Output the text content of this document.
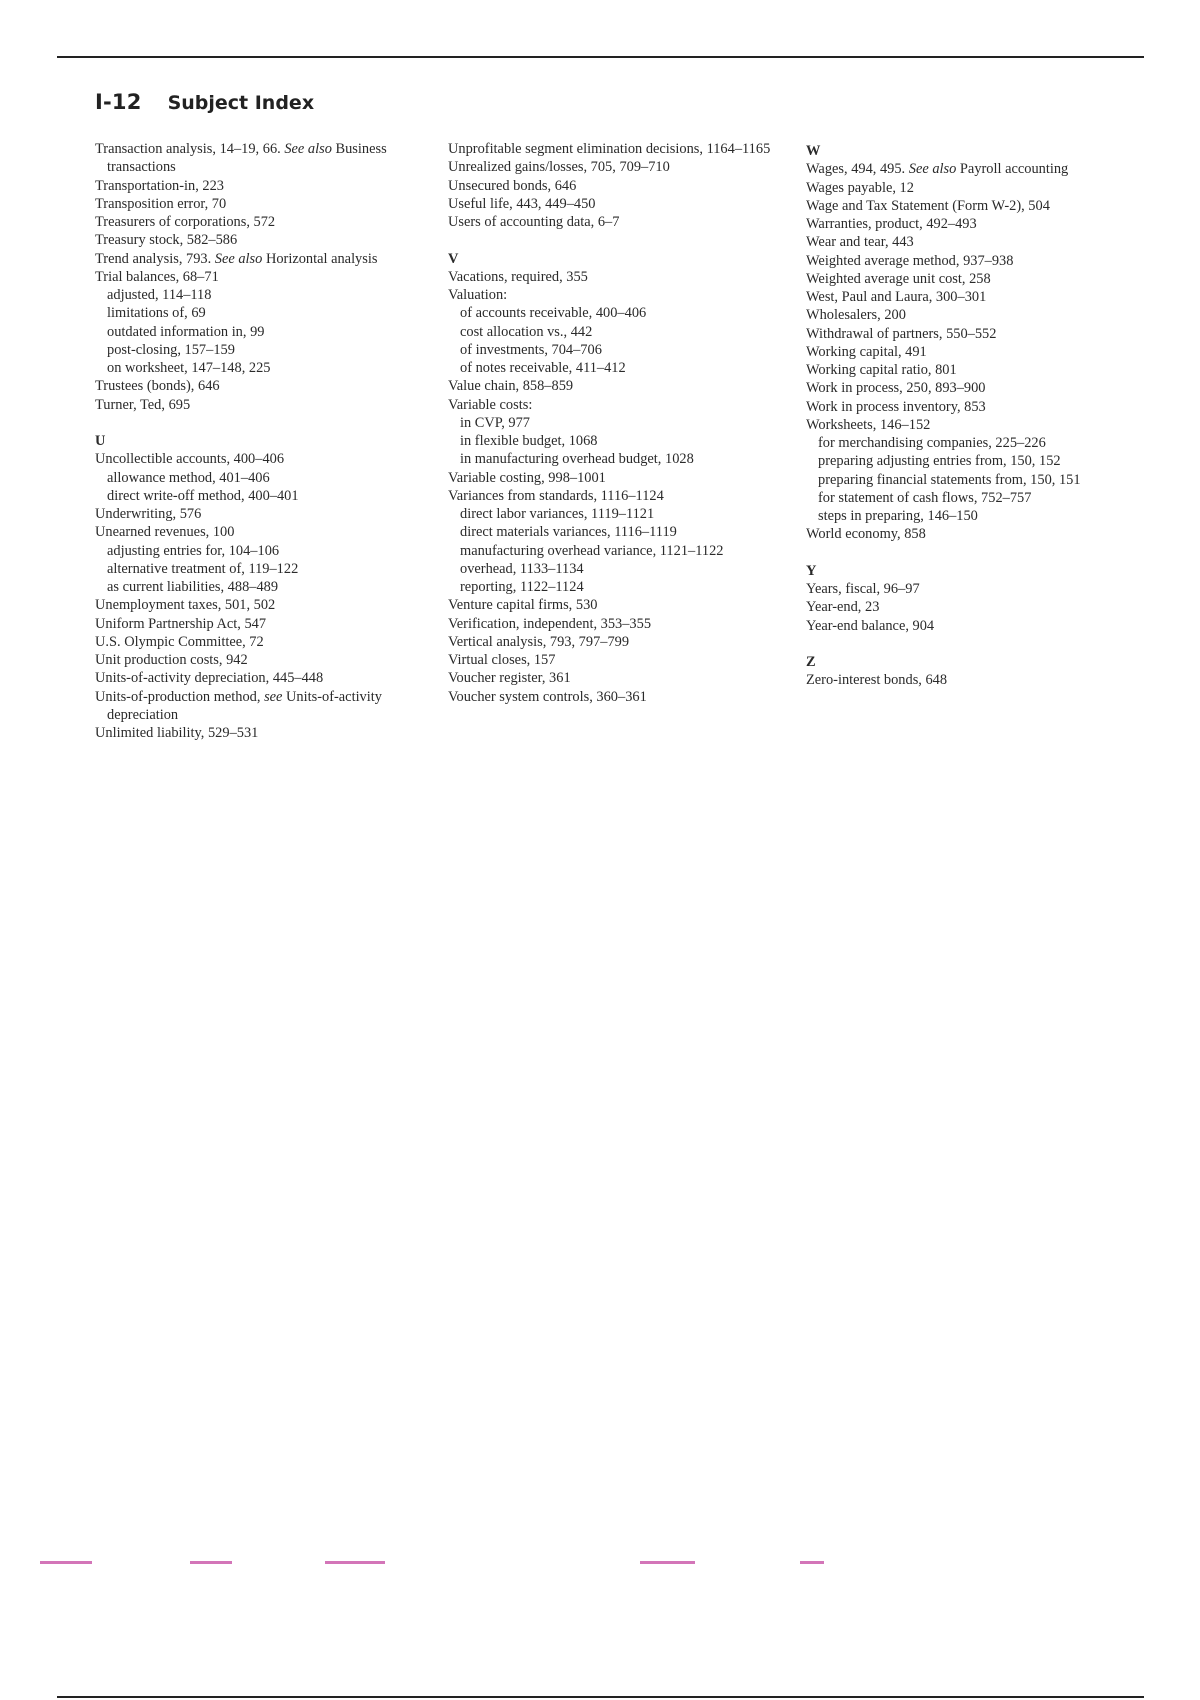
I-12 Subject Index
Transaction analysis, 14–19, 66. See also Business transactions
Transportation-in, 223
Transposition error, 70
Treasurers of corporations, 572
Treasury stock, 582–586
Trend analysis, 793. See also Horizontal analysis
Trial balances, 68–71
adjusted, 114–118
limitations of, 69
outdated information in, 99
post-closing, 157–159
on worksheet, 147–148, 225
Trustees (bonds), 646
Turner, Ted, 695
U
Uncollectible accounts, 400–406
allowance method, 401–406
direct write-off method, 400–401
Underwriting, 576
Unearned revenues, 100
adjusting entries for, 104–106
alternative treatment of, 119–122
as current liabilities, 488–489
Unemployment taxes, 501, 502
Uniform Partnership Act, 547
U.S. Olympic Committee, 72
Unit production costs, 942
Units-of-activity depreciation, 445–448
Units-of-production method, see Units-of-activity depreciation
Unlimited liability, 529–531
Unprofitable segment elimination decisions, 1164–1165
Unrealized gains/losses, 705, 709–710
Unsecured bonds, 646
Useful life, 443, 449–450
Users of accounting data, 6–7
V
Vacations, required, 355
Valuation:
of accounts receivable, 400–406
cost allocation vs., 442
of investments, 704–706
of notes receivable, 411–412
Value chain, 858–859
Variable costs:
in CVP, 977
in flexible budget, 1068
in manufacturing overhead budget, 1028
Variable costing, 998–1001
Variances from standards, 1116–1124
direct labor variances, 1119–1121
direct materials variances, 1116–1119
manufacturing overhead variance, 1121–1122
overhead, 1133–1134
reporting, 1122–1124
Venture capital firms, 530
Verification, independent, 353–355
Vertical analysis, 793, 797–799
Virtual closes, 157
Voucher register, 361
Voucher system controls, 360–361
W
Wages, 494, 495. See also Payroll accounting
Wages payable, 12
Wage and Tax Statement (Form W-2), 504
Warranties, product, 492–493
Wear and tear, 443
Weighted average method, 937–938
Weighted average unit cost, 258
West, Paul and Laura, 300–301
Wholesalers, 200
Withdrawal of partners, 550–552
Working capital, 491
Working capital ratio, 801
Work in process, 250, 893–900
Work in process inventory, 853
Worksheets, 146–152
for merchandising companies, 225–226
preparing adjusting entries from, 150, 152
preparing financial statements from, 150, 151
for statement of cash flows, 752–757
steps in preparing, 146–150
World economy, 858
Y
Years, fiscal, 96–97
Year-end, 23
Year-end balance, 904
Z
Zero-interest bonds, 648
